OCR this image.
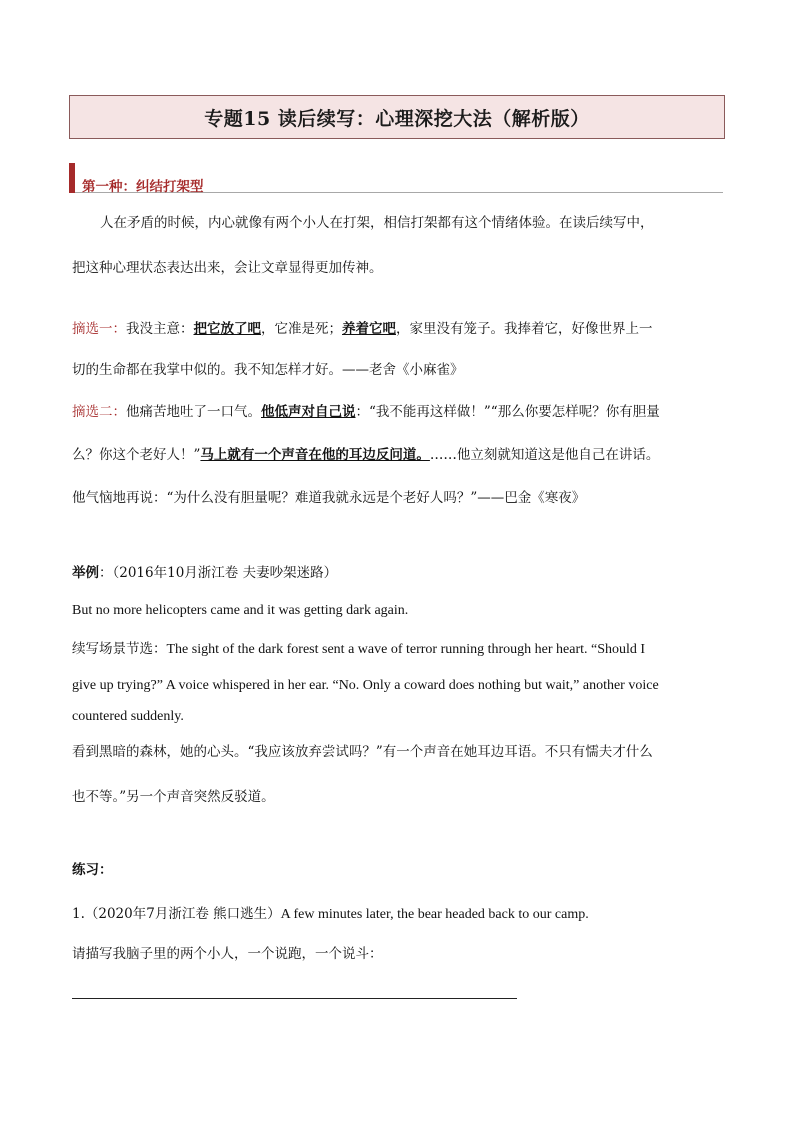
专题15 读后续写：心理深挖大法（解析版）
第一种：纠结打架型
人在矛盾的时候，内心就像有两个小人在打架，相信打架都有这个情绪体验。在读后续写中，
把这种心理状态表达出来，会让文章显得更加传神。
摘选一：我没主意：把它放了吧，它准是死；养着它吧，家里没有笼子。我捧着它，好像世界上一
切的生命都在我掌中似的。我不知怎样才好。——老舍《小麻雀》
摘选二：他痛苦地吐了一口气。他低声对自己说：“我不能再这样做！”“那么你要怎样呢？你有胆量
么？你这个老好人！”马上就有一个声音在他的耳边反问道。……他立刻就知道这是他自己在讲话。
他气恼地再说：“为什么没有胆量呢？难道我就永远是个老好人吗？”——巴金《寒夜》
举例：（2016年10月浙江卷 夫妻吵架迷路）
But no more helicopters came and it was getting dark again.
续写场景节选：The sight of the dark forest sent a wave of terror running through her heart. “Should I
give up trying?” A voice whispered in her ear. “No. Only a coward does nothing but wait,” another voice
countered suddenly.
看到黑暗的森林，她的心头。“我应该放弃尝试吗？”有一个声音在她耳边耳语。不只有懦夫才什么
也不等。”另一个声音突然反驳道。
练习：
1.（2020年7月浙江卷 熊口逃生）A few minutes later, the bear headed back to our camp.
请描写我脑子里的两个小人，一个说跑，一个说斗：
